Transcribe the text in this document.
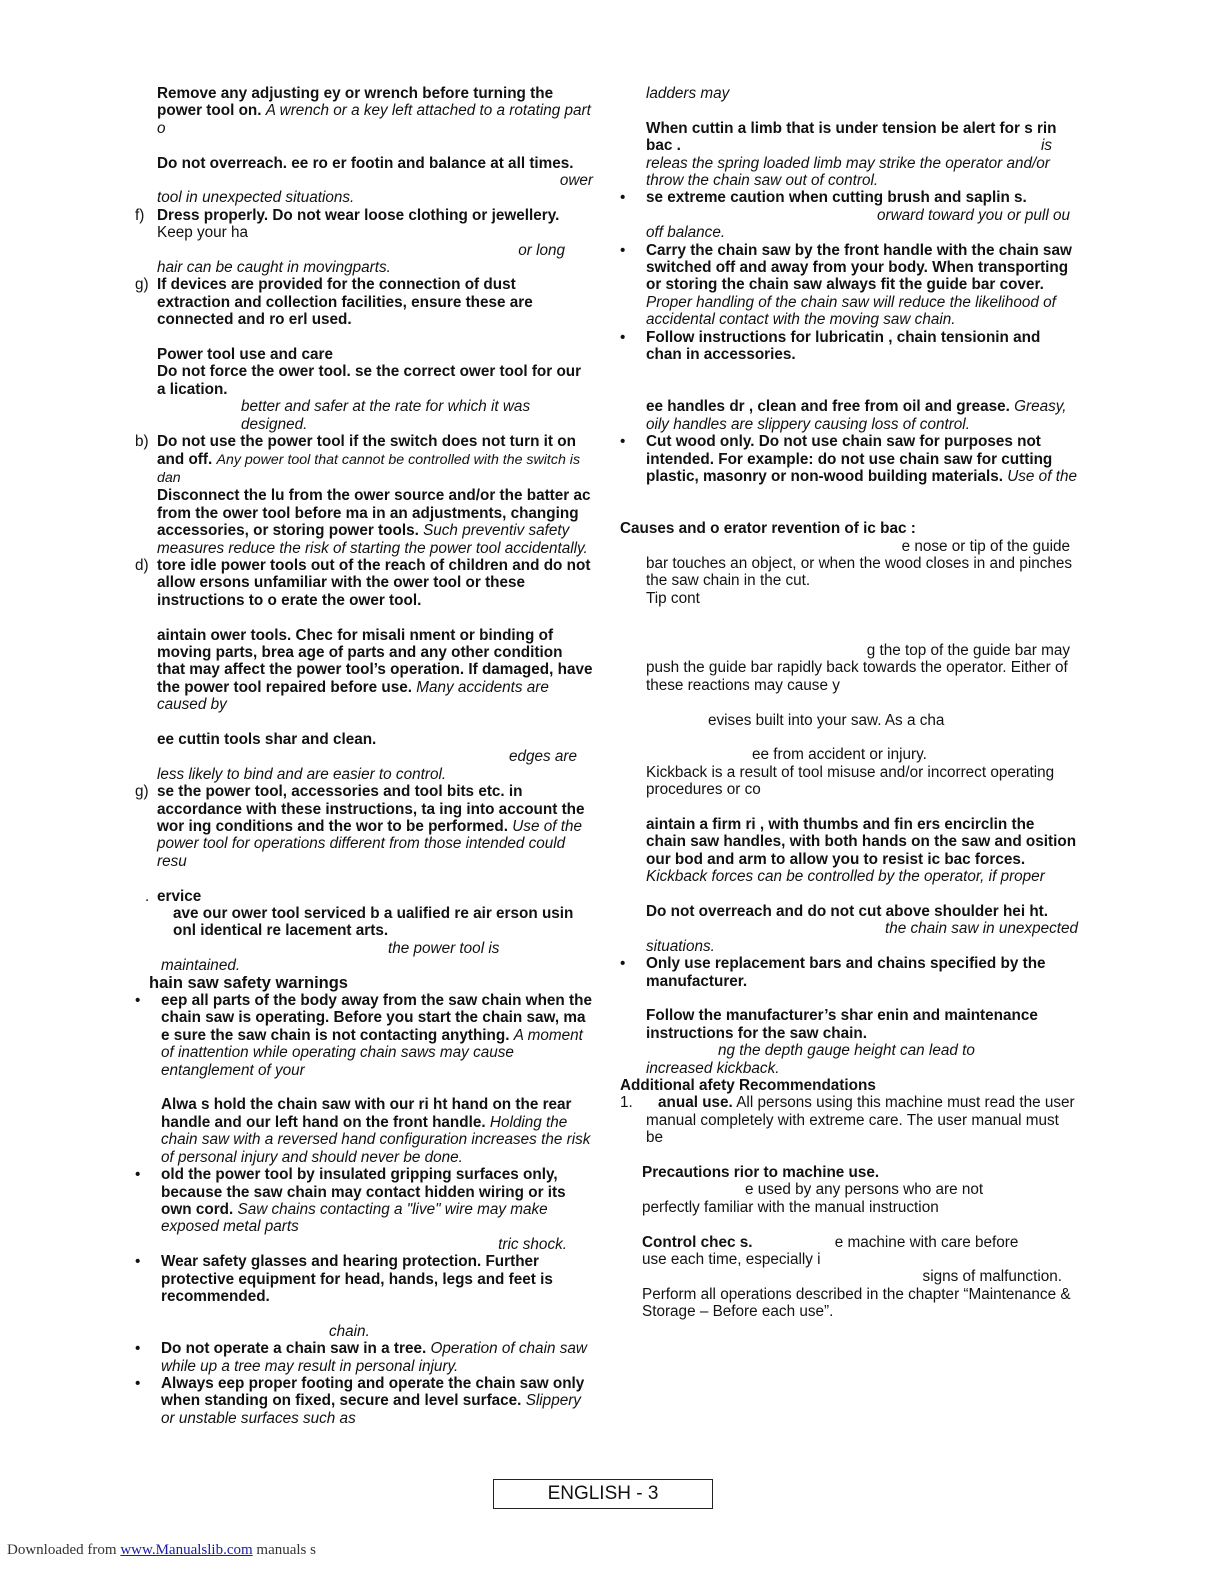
Remove any adjusting ey or wrench before turning the power tool on. A wrench or a key left attached to a rotating part o

Do not overreach. ee ro er footin and balance at all times.

ower

tool in unexpected situations.

f) Dress properly. Do not wear loose clothing or jewellery. Keep your ha

or long

hair can be caught in movingparts.

g) If devices are provided for the connection of dust extraction and collection facilities, ensure these are connected and ro erl used.

Power tool use and care

Do not force the ower tool. se the correct ower tool for our a lication.

better and safer at the rate for which it was designed.

b) Do not use the power tool if the switch does not turn it on and off. Any power tool that cannot be controlled with the switch is dan

Disconnect the lu from the ower source and/or the batter ac from the ower tool before ma in an adjustments, changing accessories, or storing power tools. Such preventiv safety measures reduce the risk of starting the power tool accidentally.

d) tore idle power tools out of the reach of children and do not allow ersons unfamiliar with the ower tool or these instructions to o erate the ower tool.

aintain ower tools. Chec for misali nment or binding of moving parts, brea age of parts and any other condition that may affect the power tool’s operation. If damaged, have the power tool repaired before use. Many accidents are caused by

ee cuttin tools shar and clean.

edges are

less likely to bind and are easier to control.

g) se the power tool, accessories and tool bits etc. in accordance with these instructions, ta ing into account the wor ing conditions and the wor to be performed. Use of the power tool for operations different from those intended could resu

. ervice

ave our ower tool serviced b a ualified re air erson usin onl identical re lacement arts.

the power tool is

maintained.

hain saw safety warnings

• eep all parts of the body away from the saw chain when the chain saw is operating. Before you start the chain saw, ma e sure the saw chain is not contacting anything. A moment of inattention while operating chain saws may cause entanglement of your

Alwa s hold the chain saw with our ri ht hand on the rear handle and our left hand on the front handle. Holding the chain saw with a reversed hand configuration increases the risk of personal injury and should never be done.

• old the power tool by insulated gripping surfaces only, because the saw chain may contact hidden wiring or its own cord. Saw chains contacting a "live" wire may make exposed metal parts

tric shock.

• Wear safety glasses and hearing protection. Further protective equipment for head, hands, legs and feet is recommended.

chain.

• Do not operate a chain saw in a tree. Operation of chain saw while up a tree may result in personal injury.

• Always eep proper footing and operate the chain saw only when standing on fixed, secure and level surface. Slippery or unstable surfaces such as

ladders may

When cuttin a limb that is under tension be alert for s rin bac .	is

releas the spring loaded limb may strike the operator and/or throw the chain saw out of control.

• se extreme caution when cutting brush and saplin s.

orward toward you or pull ou

off balance.

• Carry the chain saw by the front handle with the chain saw switched off and away from your body. When transporting or storing the chain saw always fit the guide bar cover. Proper handling of the chain saw will reduce the likelihood of accidental contact with the moving saw chain.

• Follow instructions for lubricatin , chain tensionin and chan in accessories.

ee handles dr , clean and free from oil and grease. Greasy, oily handles are slippery causing loss of control.

• Cut wood only. Do not use chain saw for purposes not intended. For example: do not use chain saw for cutting plastic, masonry or non-wood building materials. Use of the

Causes and o erator revention of ic bac :

e nose or tip of the guide

bar touches an object, or when the wood closes in and pinches the saw chain in the cut.

Tip cont

g the top of the guide bar may

push the guide bar rapidly back towards the operator. Either of these reactions may cause y

evises built into your saw. As a cha

ee from accident or injury.

Kickback is a result of tool misuse and/or incorrect operating procedures or co

aintain a firm ri , with thumbs and fin ers encirclin the chain saw handles, with both hands on the saw and osition our bod and arm to allow you to resist ic bac forces. Kickback forces can be controlled by the operator, if proper

Do not overreach and do not cut above shoulder hei ht.

the chain saw in unexpected

situations.

• Only use replacement bars and chains specified by the manufacturer.

Follow the manufacturer’s shar enin and maintenance instructions for the saw chain.

ng the depth gauge height can lead to

increased kickback.

Additional afety Recommendations

1. anual use. All persons using this machine must read the user manual completely with extreme care. The user manual must be

Precautions rior to machine use.

e used by any persons who are not

perfectly familiar with the manual instruction

Control chec s.	e machine with care before

use each time, especially i

signs of malfunction.

Perform all operations described in the chapter “Maintenance & Storage – Before each use”.

ENGLISH - 3
Downloaded from www.Manualslib.com manuals s
